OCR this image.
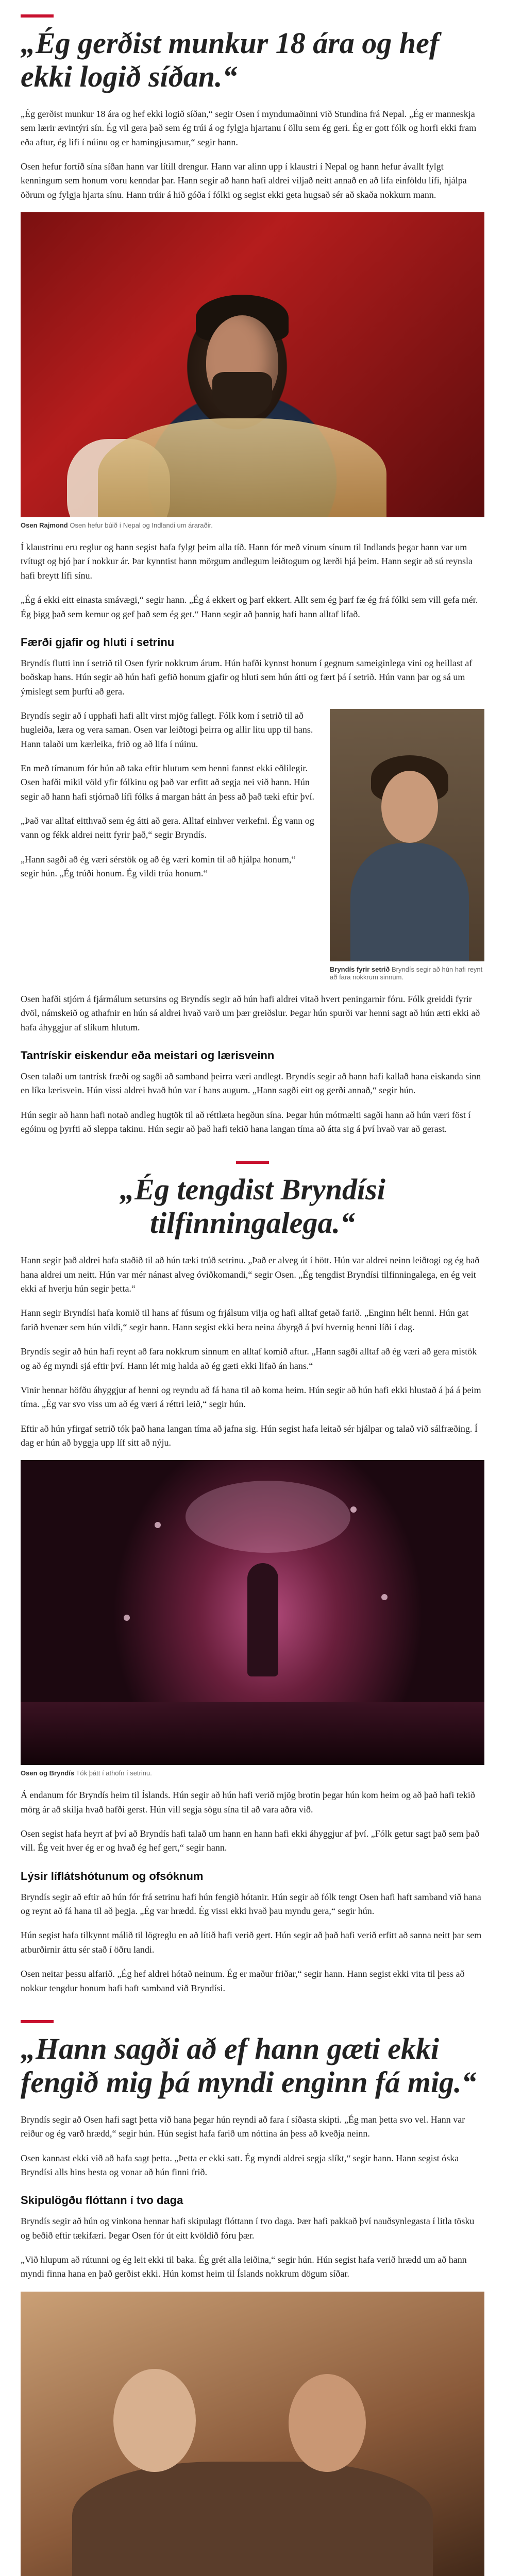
„Ég gerðist munkur 18 ára og hef ekki logið síðan.“

„Ég gerðist munkur 18 ára og hef ekki logið síðan,“ segir Osen í myndumaðinni við Stundina frá Nepal. „Ég er manneskja sem lærir ævintýri sín. Ég vil gera það sem ég trúi á og fylgja hjartanu í öllu sem ég geri. Ég er gott fólk og horfi ekki fram eða aftur, ég lifi í núinu og er hamingjusamur,“ segir hann.

Osen hefur fortíð sína síðan hann var lítill drengur. Hann var alinn upp í klaustri í Nepal og hann hefur ávallt fylgt kenningum sem honum voru kenndar þar. Hann segir að hann hafi aldrei viljað neitt annað en að lifa einföldu lífi, hjálpa öðrum og fylgja hjarta sínu. Hann trúir á hið góða í fólki og segist ekki geta hugsað sér að skaða nokkurn mann.

Osen Rajmond Osen hefur búið í Nepal og Indlandi um áraraðir.

Í klaustrinu eru reglur og hann segist hafa fylgt þeim alla tíð. Hann fór með vinum sínum til Indlands þegar hann var um tvítugt og bjó þar í nokkur ár. Þar kynntist hann mörgum andlegum leiðtogum og lærði hjá þeim. Hann segir að sú reynsla hafi breytt lífi sínu.

„Ég á ekki eitt einasta smávægi,“ segir hann. „Ég á ekkert og þarf ekkert. Allt sem ég þarf fæ ég frá fólki sem vill gefa mér. Ég þigg það sem kemur og gef það sem ég get.“ Hann segir að þannig hafi hann alltaf lifað.

Færði gjafir og hluti í setrinu

Bryndís flutti inn í setrið til Osen fyrir nokkrum árum. Hún hafði kynnst honum í gegnum sameiginlega vini og heillast af boðskap hans. Hún segir að hún hafi gefið honum gjafir og hluti sem hún átti og fært þá í setrið. Hún vann þar og sá um ýmislegt sem þurfti að gera.

Bryndís segir að í upphafi hafi allt virst mjög fallegt. Fólk kom í setrið til að hugleiða, læra og vera saman. Osen var leiðtogi þeirra og allir litu upp til hans. Hann talaði um kærleika, frið og að lifa í núinu.

En með tímanum fór hún að taka eftir hlutum sem henni fannst ekki eðlilegir. Osen hafði mikil völd yfir fólkinu og það var erfitt að segja nei við hann. Hún segir að hann hafi stjórnað lífi fólks á margan hátt án þess að það tæki eftir því.

„Það var alltaf eitthvað sem ég átti að gera. Alltaf einhver verkefni. Ég vann og vann og fékk aldrei neitt fyrir það,“ segir Bryndís.

„Hann sagði að ég væri sérstök og að ég væri komin til að hjálpa honum,“ segir hún. „Ég trúði honum. Ég vildi trúa honum.“

Bryndís fyrir setrið Bryndís segir að hún hafi reynt að fara nokkrum sinnum.

Osen hafði stjórn á fjármálum setursins og Bryndís segir að hún hafi aldrei vitað hvert peningarnir fóru. Fólk greiddi fyrir dvöl, námskeið og athafnir en hún sá aldrei hvað varð um þær greiðslur. Þegar hún spurði var henni sagt að hún ætti ekki að hafa áhyggjur af slíkum hlutum.

Tantrískir eiskendur eða meistari og lærisveinn

Osen talaði um tantrísk fræði og sagði að samband þeirra væri andlegt. Bryndís segir að hann hafi kallað hana eiskanda sinn en líka lærisvein. Hún vissi aldrei hvað hún var í hans augum. „Hann sagði eitt og gerði annað,“ segir hún.

Hún segir að hann hafi notað andleg hugtök til að réttlæta hegðun sína. Þegar hún mótmælti sagði hann að hún væri föst í egóinu og þyrfti að sleppa takinu. Hún segir að það hafi tekið hana langan tíma að átta sig á því hvað var að gerast.

„Ég tengdist Bryndísi tilfinningalega.“

Hann segir það aldrei hafa staðið til að hún tæki trúð setrinu. „Það er alveg út í hött. Hún var aldrei neinn leiðtogi og ég bað hana aldrei um neitt. Hún var mér nánast alveg óviðkomandi,“ segir Osen. „Ég tengdist Bryndísi tilfinningalega, en ég veit ekki af hverju hún segir þetta.“

Hann segir Bryndísi hafa komið til hans af fúsum og frjálsum vilja og hafi alltaf getað farið. „Enginn hélt henni. Hún gat farið hvenær sem hún vildi,“ segir hann. Hann segist ekki bera neina ábyrgð á því hvernig henni líði í dag.

Bryndís segir að hún hafi reynt að fara nokkrum sinnum en alltaf komið aftur. „Hann sagði alltaf að ég væri að gera mistök og að ég myndi sjá eftir því. Hann lét mig halda að ég gæti ekki lifað án hans.“

Vinir hennar höfðu áhyggjur af henni og reyndu að fá hana til að koma heim. Hún segir að hún hafi ekki hlustað á þá á þeim tíma. „Ég var svo viss um að ég væri á réttri leið,“ segir hún.

Eftir að hún yfirgaf setrið tók það hana langan tíma að jafna sig. Hún segist hafa leitað sér hjálpar og talað við sálfræðing. Í dag er hún að byggja upp líf sitt að nýju.

Osen og Bryndís Tók þátt í athöfn í setrinu.

Á endanum fór Bryndís heim til Íslands. Hún segir að hún hafi verið mjög brotin þegar hún kom heim og að það hafi tekið mörg ár að skilja hvað hafði gerst. Hún vill segja sögu sína til að vara aðra við.

Osen segist hafa heyrt af því að Bryndís hafi talað um hann en hann hafi ekki áhyggjur af því. „Fólk getur sagt það sem það vill. Ég veit hver ég er og hvað ég hef gert,“ segir hann.

Lýsir líflátshótunum og ofsóknum

Bryndís segir að eftir að hún fór frá setrinu hafi hún fengið hótanir. Hún segir að fólk tengt Osen hafi haft samband við hana og reynt að fá hana til að þegja. „Ég var hrædd. Ég vissi ekki hvað þau myndu gera,“ segir hún.

Hún segist hafa tilkynnt málið til lögreglu en að lítið hafi verið gert. Hún segir að það hafi verið erfitt að sanna neitt þar sem atburðirnir áttu sér stað í öðru landi.

Osen neitar þessu alfarið. „Ég hef aldrei hótað neinum. Ég er maður friðar,“ segir hann. Hann segist ekki vita til þess að nokkur tengdur honum hafi haft samband við Bryndísi.

„Hann sagði að ef hann gæti ekki fengið mig þá myndi enginn fá mig.“

Bryndís segir að Osen hafi sagt þetta við hana þegar hún reyndi að fara í síðasta skipti. „Ég man þetta svo vel. Hann var reiður og ég varð hrædd,“ segir hún. Hún segist hafa farið um nóttina án þess að kveðja neinn.

Osen kannast ekki við að hafa sagt þetta. „Þetta er ekki satt. Ég myndi aldrei segja slíkt,“ segir hann. Hann segist óska Bryndísi alls hins besta og vonar að hún finni frið.

Skipulögðu flóttann í tvo daga

Bryndís segir að hún og vinkona hennar hafi skipulagt flóttann í tvo daga. Þær hafi pakkað því nauðsynlegasta í litla tösku og beðið eftir tækifæri. Þegar Osen fór út eitt kvöldið fóru þær.

„Við hlupum að rútunni og ég leit ekki til baka. Ég grét alla leiðina,“ segir hún. Hún segist hafa verið hrædd um að hann myndi finna hana en það gerðist ekki. Hún komst heim til Íslands nokkrum dögum síðar.
